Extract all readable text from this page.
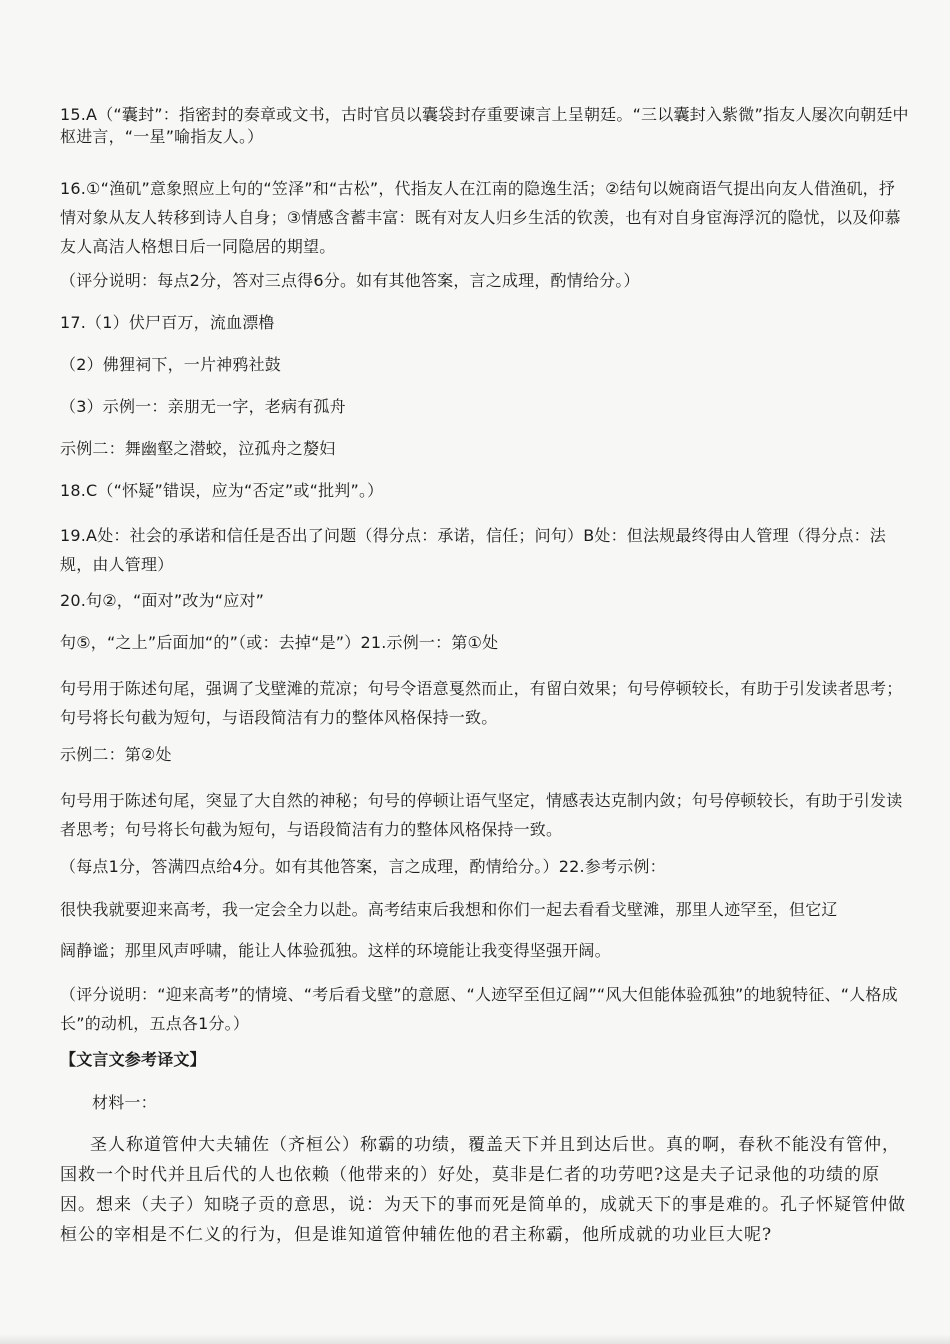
15.A（“囊封”：指密封的奏章或文书，古时官员以囊袋封存重要谏言上呈朝廷。“三以囊封入紫微”指友人屡次向朝廷中枢进言，“一星”喻指友人。）
16.①“渔矶”意象照应上句的“笠泽”和“古松”，代指友人在江南的隐逸生活；②结句以婉商语气提出向友人借渔矶，抒情对象从友人转移到诗人自身；③情感含蓄丰富：既有对友人归乡生活的钦羡，也有对自身宦海浮沉的隐忧，以及仰慕友人高洁人格想日后一同隐居的期望。
（评分说明：每点2分，答对三点得6分。如有其他答案，言之成理，酌情给分。）
17.（1）伏尸百万，流血漂橹
（2）佛狸祠下，一片神鸦社鼓
（3）示例一：亲朋无一字，老病有孤舟
示例二：舞幽壑之潜蛟，泣孤舟之嫠妇
18.C（“怀疑”错误，应为“否定”或“批判”。）
19.A处：社会的承诺和信任是否出了问题（得分点：承诺，信任；问句）B处：但法规最终得由人管理（得分点：法规，由人管理）
20.句②，“面对”改为“应对”
句⑤，“之上”后面加“的”（或：去掉“是”）21.示例一：第①处
句号用于陈述句尾，强调了戈壁滩的荒凉；句号令语意戛然而止，有留白效果；句号停顿较长，有助于引发读者思考；句号将长句截为短句，与语段简洁有力的整体风格保持一致。
示例二：第②处
句号用于陈述句尾，突显了大自然的神秘；句号的停顿让语气坚定，情感表达克制内敛；句号停顿较长，有助于引发读者思考；句号将长句截为短句，与语段简洁有力的整体风格保持一致。
（每点1分，答满四点给4分。如有其他答案，言之成理，酌情给分。）22.参考示例：
很快我就要迎来高考，我一定会全力以赴。高考结束后我想和你们一起去看看戈壁滩，那里人迹罕至，但它辽
阔静谧；那里风声呼啸，能让人体验孤独。这样的环境能让我变得坚强开阔。
（评分说明：“迎来高考”的情境、“考后看戈壁”的意愿、“人迹罕至但辽阔”“风大但能体验孤独”的地貌特征、“人格成长”的动机，五点各1分。）
【文言文参考译文】
材料一：
圣人称道管仲大夫辅佐（齐桓公）称霸的功绩，覆盖天下并且到达后世。真的啊，春秋不能没有管仲，国救一个时代并且后代的人也依赖（他带来的）好处，莫非是仁者的功劳吧?这是夫子记录他的功绩的原因。想来（夫子）知晓子贡的意思，说：为天下的事而死是简单的，成就天下的事是难的。孔子怀疑管仲做桓公的宰相是不仁义的行为，但是谁知道管仲辅佐他的君主称霸，他所成就的功业巨大呢?
